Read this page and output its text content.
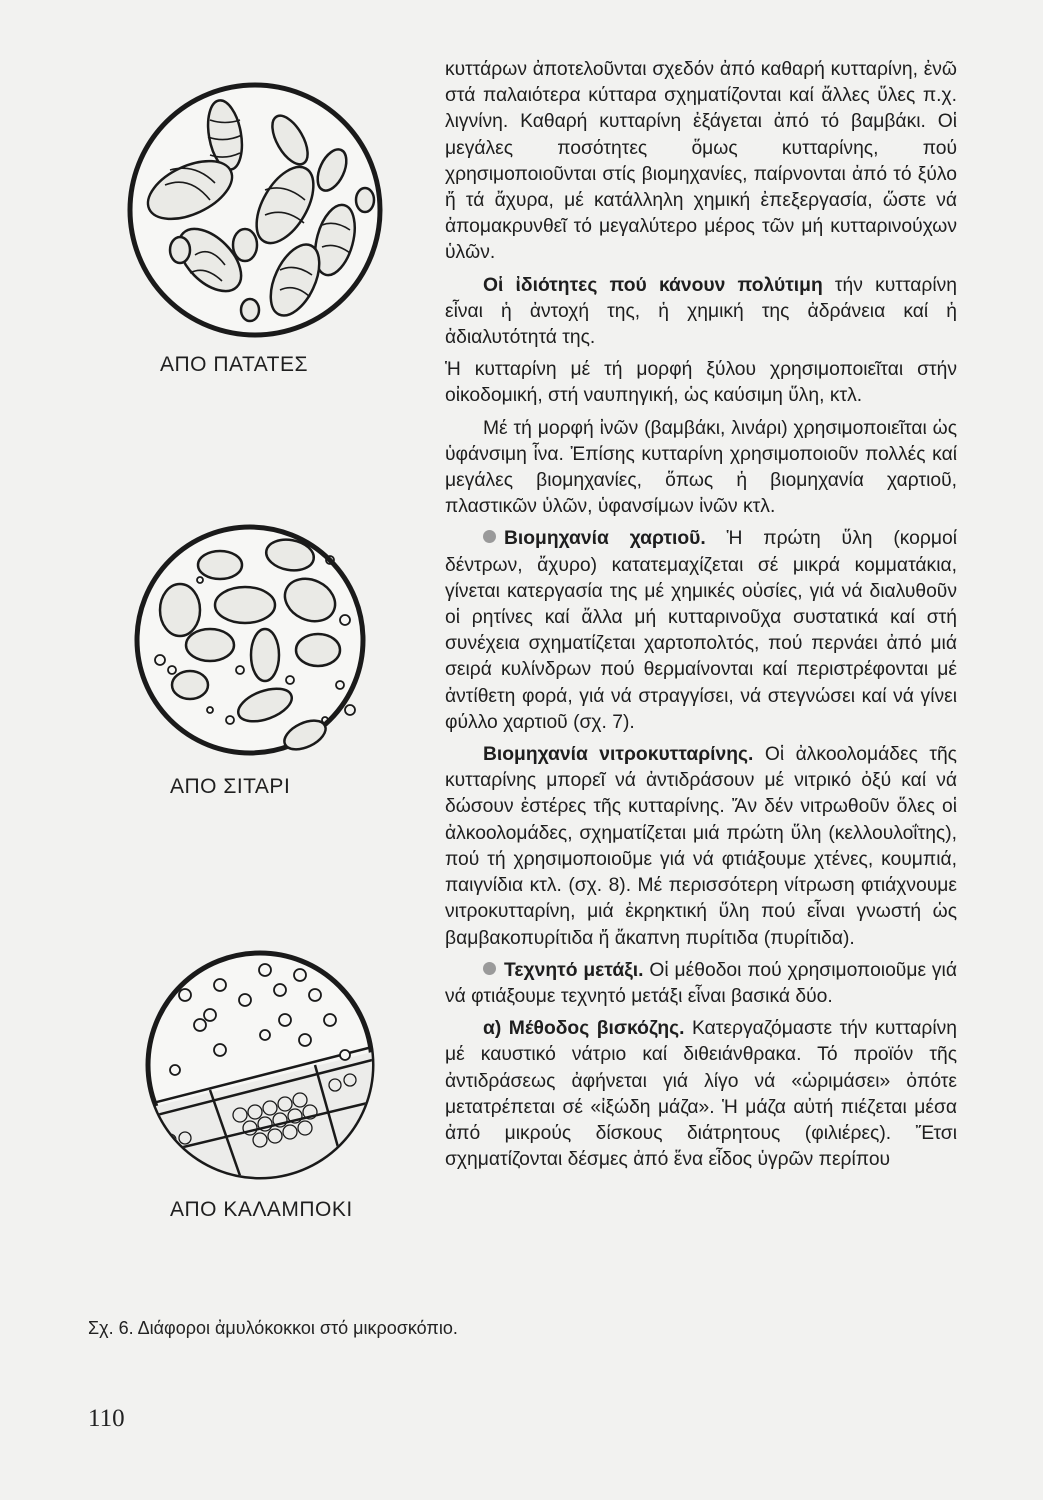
ΑΠΟ ΠΑΤΑΤΕΣ
ΑΠΟ ΣΙΤΑΡΙ
ΑΠΟ ΚΑΛΑΜΠΟΚΙ
Σχ. 6. Διάφοροι ἀμυλόκοκκοι στό μικροσκόπιο.
110

κυττάρων ἀποτελοῦνται σχεδόν ἀπό καθαρή κυτταρίνη, ἐνῶ στά παλαιότερα κύτταρα σχηματίζονται καί ἄλλες ὕλες π.χ. λιγνίνη. Καθαρή κυτταρίνη ἐξάγεται ἀπό τό βαμβάκι. Οἱ μεγάλες ποσότητες ὅμως κυτταρίνης, πού χρησιμοποιοῦνται στίς βιομηχανίες, παίρνονται ἀπό τό ξύλο ἤ τά ἄχυρα, μέ κατάλληλη χημική ἐπεξεργασία, ὥστε νά ἀπομακρυνθεῖ τό μεγαλύτερο μέρος τῶν μή κυτταρινούχων ὑλῶν.

Οἱ ἰδιότητες πού κάνουν πολύτιμη τήν κυτταρίνη εἶναι ἡ ἀντοχή της, ἡ χημική της ἀδράνεια καί ἡ ἀδιαλυτότητά της.

Ἡ κυτταρίνη μέ τή μορφή ξύλου χρησιμοποιεῖται στήν οἰκοδομική, στή ναυπηγική, ὡς καύσιμη ὕλη, κτλ.

Μέ τή μορφή ἰνῶν (βαμβάκι, λινάρι) χρησιμοποιεῖται ὡς ὑφάνσιμη ἶνα. Ἐπίσης κυτταρίνη χρησιμοποιοῦν πολλές καί μεγάλες βιομηχανίες, ὅπως ἡ βιομηχανία χαρτιοῦ, πλαστικῶν ὑλῶν, ὑφανσίμων ἰνῶν κτλ.

Βιομηχανία χαρτιοῦ. Ἡ πρώτη ὕλη (κορμοί δέντρων, ἄχυρο) κατατεμαχίζεται σέ μικρά κομματάκια, γίνεται κατεργασία της μέ χημικές οὐσίες, γιά νά διαλυθοῦν οἱ ρητίνες καί ἄλλα μή κυτταρινοῦχα συστατικά καί στή συνέχεια σχηματίζεται χαρτοπολτός, πού περνάει ἀπό μιά σειρά κυλίνδρων πού θερμαίνονται καί περιστρέφονται μέ ἀντίθετη φορά, γιά νά στραγγίσει, νά στεγνώσει καί νά γίνει φύλλο χαρτιοῦ (σχ. 7).

Βιομηχανία νιτροκυτταρίνης. Οἱ ἀλκοολομάδες τῆς κυτταρίνης μπορεῖ νά ἀντιδράσουν μέ νιτρικό ὀξύ καί νά δώσουν ἐστέρες τῆς κυτταρίνης. Ἄν δέν νιτρωθοῦν ὅλες οἱ ἀλκοολομάδες, σχηματίζεται μιά πρώτη ὕλη (κελλουλοΐτης), πού τή χρησιμοποιοῦμε γιά νά φτιάξουμε χτένες, κουμπιά, παιγνίδια κτλ. (σχ. 8). Μέ περισσότερη νίτρωση φτιάχνουμε νιτροκυτταρίνη, μιά ἐκρηκτική ὕλη πού εἶναι γνωστή ὡς βαμβακοπυρίτιδα ἤ ἄκαπνη πυρίτιδα (πυρίτιδα).

Τεχνητό μετάξι. Οἱ μέθοδοι πού χρησιμοποιοῦμε γιά νά φτιάξουμε τεχνητό μετάξι εἶναι βασικά δύο.

α) Μέθοδος βισκόζης. Κατεργαζόμαστε τήν κυτταρίνη μέ καυστικό νάτριο καί διθειάνθρακα. Τό προϊόν τῆς ἀντιδράσεως ἀφήνεται γιά λίγο νά «ὡριμάσει» ὁπότε μετατρέπεται σέ «ἰξώδη μάζα». Ἡ μάζα αὐτή πιέζεται μέσα ἀπό μικρούς δίσκους διάτρητους (φιλιέρες). Ἔτσι σχηματίζονται δέσμες ἀπό ἕνα εἶδος ὑγρῶν περίπου
